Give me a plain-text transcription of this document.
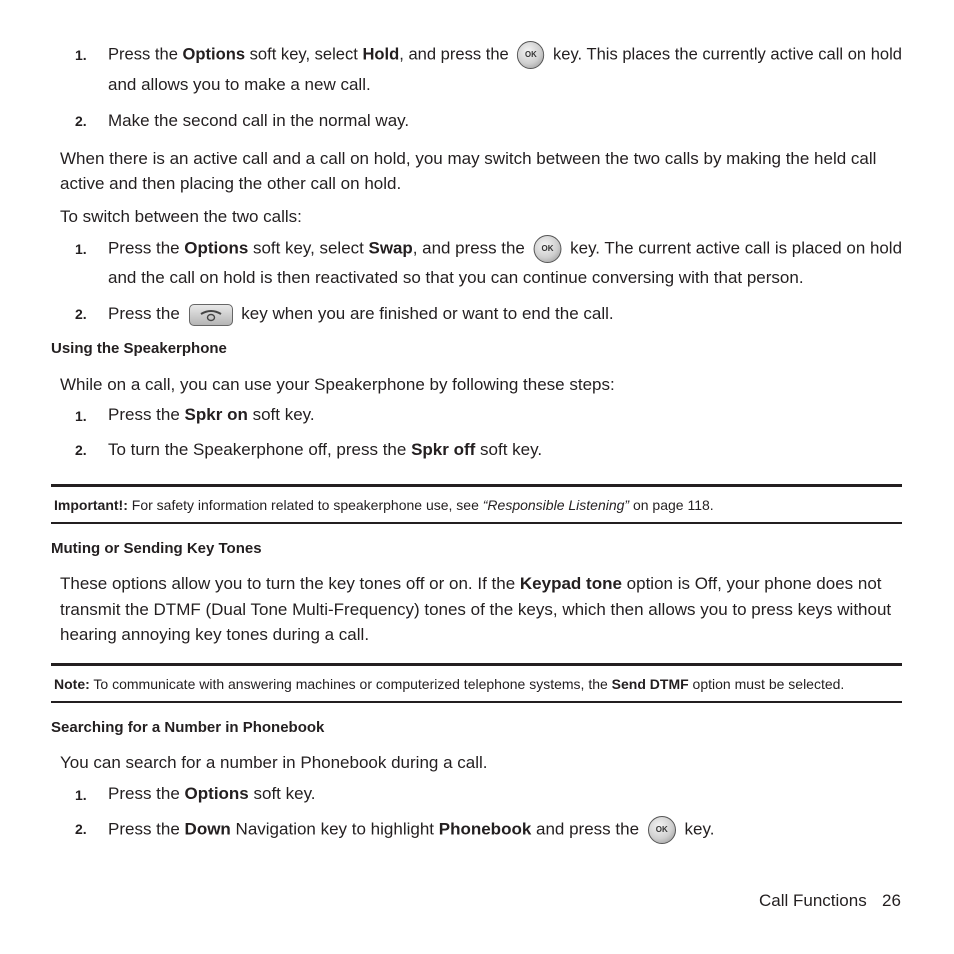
1. Press the Options soft key, select Hold, and press the	OK key. This places the currently active call on hold
and allows you to make a new call.
2. Make the second call in the normal way.
When there is an active call and a call on hold, you may switch between the two calls by making the held call
active and then placing the other call on hold.
To switch between the two calls:
1. Press the Options soft key, select Swap, and press the	OK key. The current active call is placed on hold
and the call on hold is then reactivated so that you can continue conversing with that person.
2. Press the	key when you are finished or want to end the call.
Using the Speakerphone
While on a call, you can use your Speakerphone by following these steps:
1. Press the Spkr on soft key.
2. To turn the Speakerphone off, press the Spkr off soft key.
Important!: For safety information related to speakerphone use, see “Responsible Listening” on page 118.
Muting or Sending Key Tones
These options allow you to turn the key tones off or on. If the Keypad tone option is Off, your phone does not
transmit the DTMF (Dual Tone Multi-Frequency) tones of the keys, which then allows you to press keys without
hearing annoying key tones during a call.
Note: To communicate with answering machines or computerized telephone systems, the Send DTMF option must be selected.
Searching for a Number in Phonebook
You can search for a number in Phonebook during a call.
1. Press the Options soft key.
2. Press the Down Navigation key to highlight Phonebook and press the	OK key.
Call Functions 26
